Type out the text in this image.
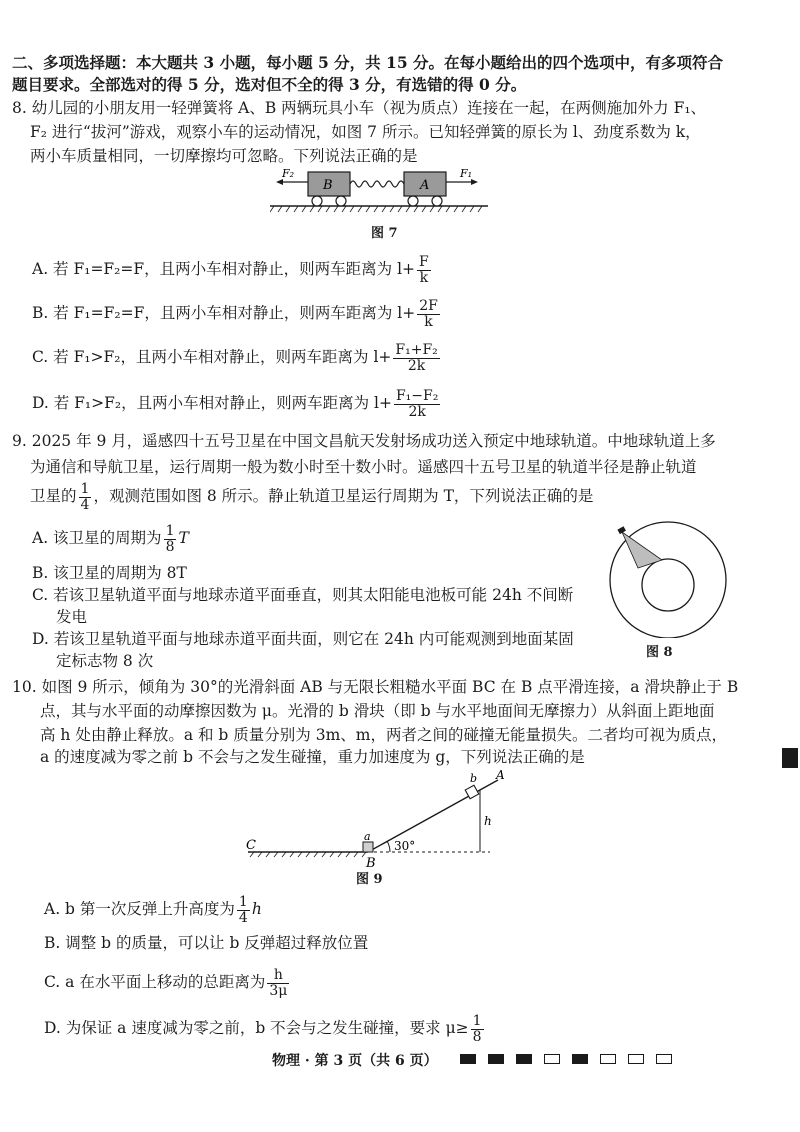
二、多项选择题：本大题共 3 小题，每小题 5 分，共 15 分。在每小题给出的四个选项中，有多项符合
题目要求。全部选对的得 5 分，选对但不全的得 3 分，有选错的得 0 分。
8. 幼儿园的小朋友用一轻弹簧将 A、B 两辆玩具小车（视为质点）连接在一起，在两侧施加外力 F₁、
F₂ 进行“拔河”游戏，观察小车的运动情况，如图 7 所示。已知轻弹簧的原长为 l、劲度系数为 k，
两小车质量相同，一切摩擦均可忽略。下列说法正确的是
F₂	F₁
B	A
图 7
A. 若 F₁=F₂=F，且两小车相对静止，则两车距离为 $l+ \frac{F}{k}$
B. 若 F₁=F₂=F，且两小车相对静止，则两车距离为 $l+ \frac{2F}{k}$
C. 若 F₁>F₂，且两小车相对静止，则两车距离为 $l+ \frac{\text{F₁+F₂}}{2k}$
D. 若 F₁>F₂，且两小车相对静止，则两车距离为 $l+ \frac{\text{F₁−F₂}}{2k}$
9. 2025 年 9 月，遥感四十五号卫星在中国文昌航天发射场成功送入预定中地球轨道。中地球轨道上多
为通信和导航卫星，运行周期一般为数小时至十数小时。遥感四十五号卫星的轨道半径是静止轨道
卫星的 $\frac{1}{4}$ ，观测范围如图 8 所示。静止轨道卫星运行周期为 T，下列说法正确的是
图 8
A. 该卫星的周期为 $\frac{1}{8}$ T
B. 该卫星的周期为 8T
C. 若该卫星轨道平面与地球赤道平面垂直，则其太阳能电池板可能 24h 不间断
发电
D. 若该卫星轨道平面与地球赤道平面共面，则它在 24h 内可能观测到地面某固
定标志物 8 次
10. 如图 9 所示，倾角为 30°的光滑斜面 AB 与无限长粗糙水平面 BC 在 B 点平滑连接，a 滑块静止于 B
点，其与水平面的动摩擦因数为 μ。光滑的 b 滑块（即 b 与水平地面间无摩擦力）从斜面上距地面
高 h 处由静止释放。a 和 b 质量分别为 3m、m，两者之间的碰撞无能量损失。二者均可视为质点，
a 的速度减为零之前 b 不会与之发生碰撞，重力加速度为 g，下列说法正确的是
C
B
A
a
b
h
30°
图 9
A. b 第一次反弹上升高度为 $\frac{1}{4}$ h
B. 调整 b 的质量，可以让 b 反弹超过释放位置
C. a 在水平面上移动的总距离为 $\frac{h}{3\mu}$
D. 为保证 a 速度减为零之前，b 不会与之发生碰撞，要求 $\mu\ge \frac{1}{8}$
物理 · 第 3 页（共 6 页）
